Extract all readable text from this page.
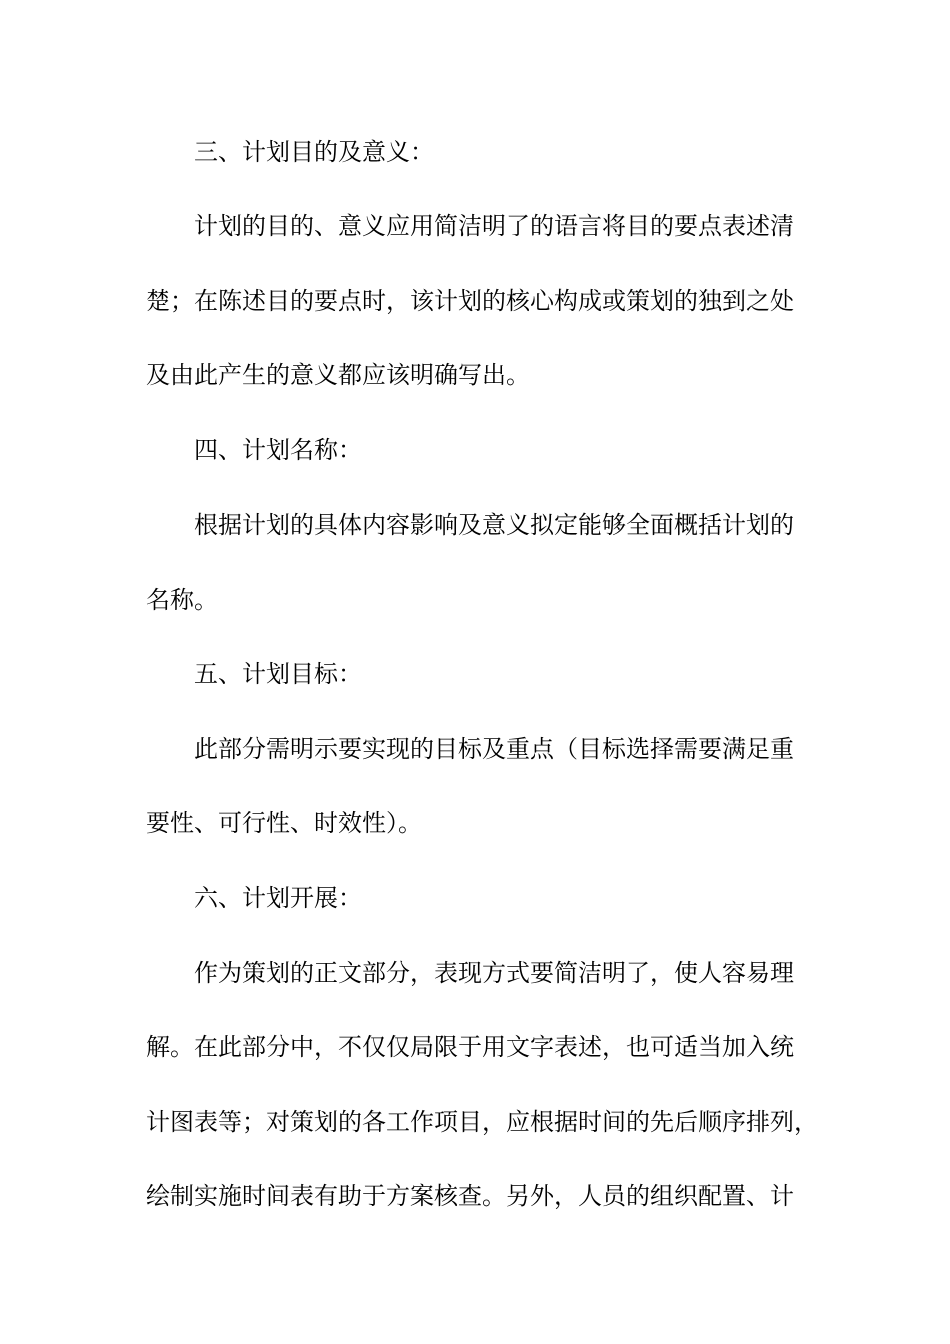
三、计划目的及意义：
计划的目的、意义应用简洁明了的语言将目的要点表述清
楚；在陈述目的要点时，该计划的核心构成或策划的独到之处
及由此产生的意义都应该明确写出。
四、计划名称：
根据计划的具体内容影响及意义拟定能够全面概括计划的
名称。
五、计划目标：
此部分需明示要实现的目标及重点（目标选择需要满足重
要性、可行性、时效性）。
六、计划开展：
作为策划的正文部分，表现方式要简洁明了，使人容易理
解。在此部分中，不仅仅局限于用文字表述，也可适当加入统
计图表等；对策划的各工作项目，应根据时间的先后顺序排列，
绘制实施时间表有助于方案核查。另外，人员的组织配置、计
